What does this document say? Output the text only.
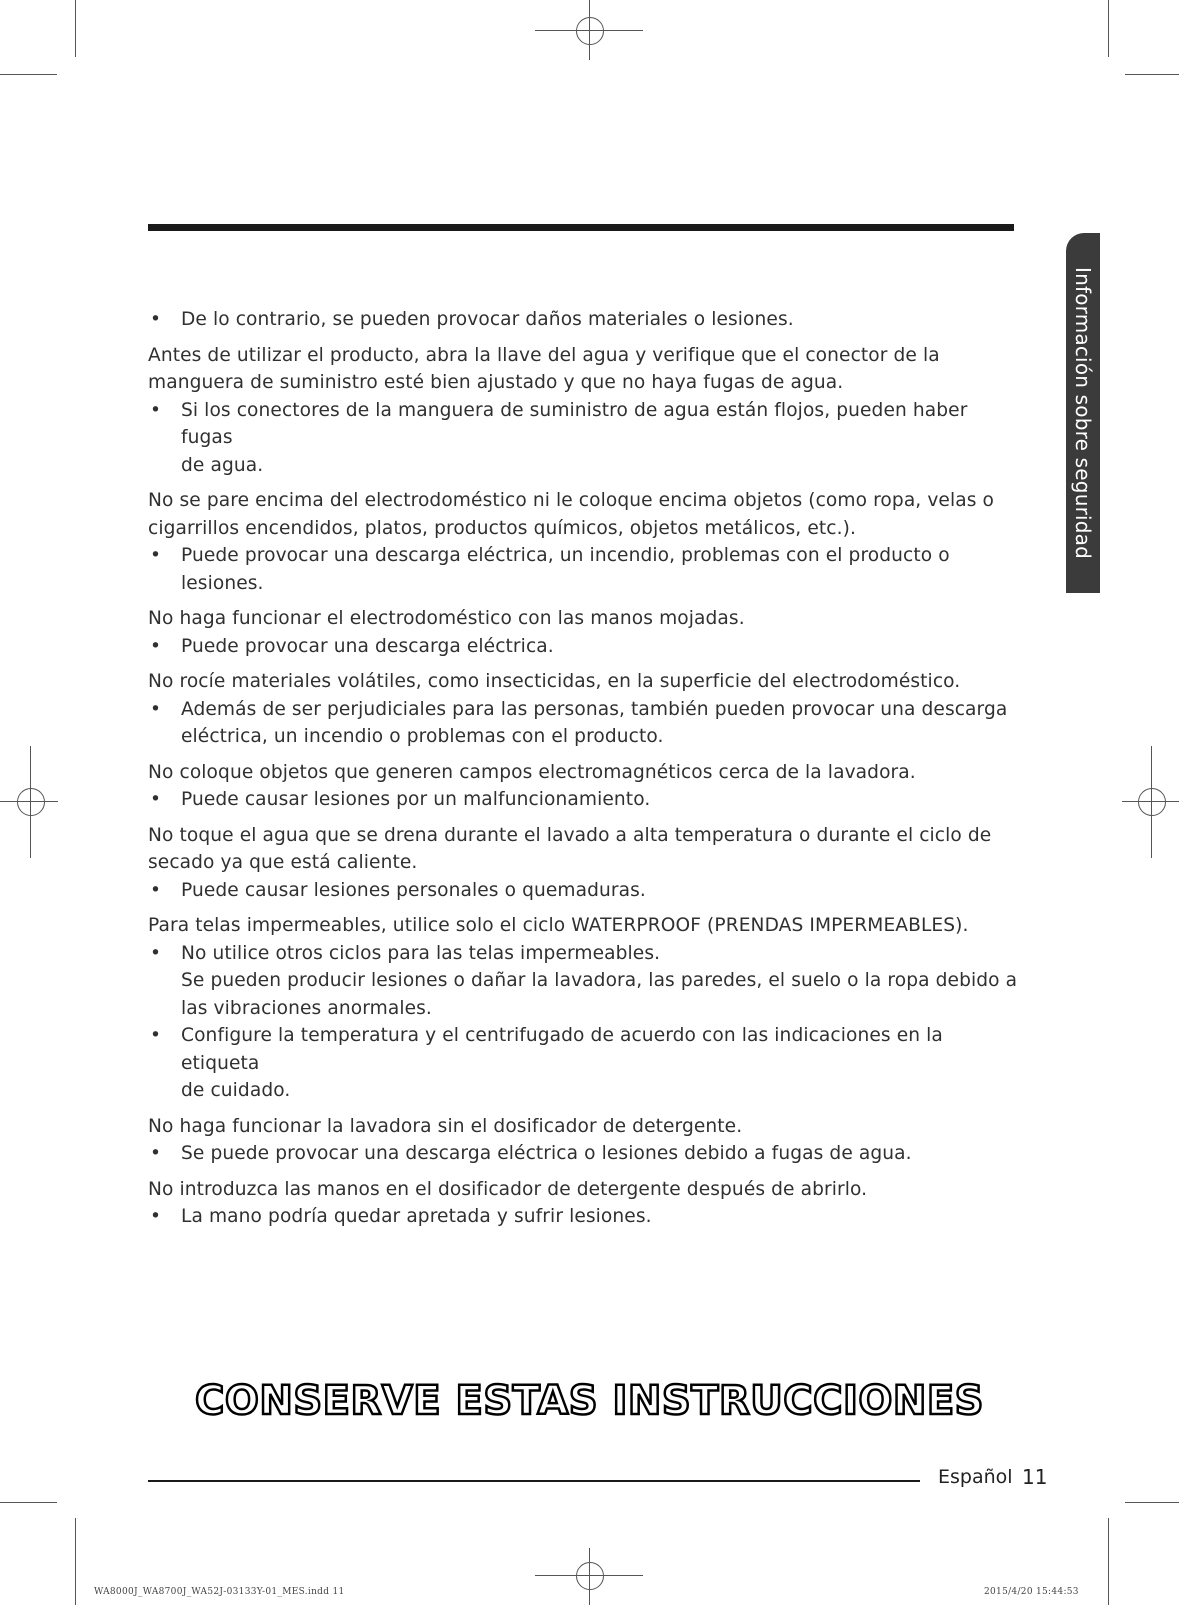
Información sobre seguridad

• De lo contrario, se pueden provocar daños materiales o lesiones.

Antes de utilizar el producto, abra la llave del agua y verifique que el conector de la

manguera de suministro esté bien ajustado y que no haya fugas de agua.

• Si los conectores de la manguera de suministro de agua están flojos, pueden haber fugas

de agua.

No se pare encima del electrodoméstico ni le coloque encima objetos (como ropa, velas o

cigarrillos encendidos, platos, productos químicos, objetos metálicos, etc.).

• Puede provocar una descarga eléctrica, un incendio, problemas con el producto o

lesiones.

No haga funcionar el electrodoméstico con las manos mojadas.

• Puede provocar una descarga eléctrica.

No rocíe materiales volátiles, como insecticidas, en la superficie del electrodoméstico.

• Además de ser perjudiciales para las personas, también pueden provocar una descarga

eléctrica, un incendio o problemas con el producto.

No coloque objetos que generen campos electromagnéticos cerca de la lavadora.

• Puede causar lesiones por un malfuncionamiento.

No toque el agua que se drena durante el lavado a alta temperatura o durante el ciclo de

secado ya que está caliente.

• Puede causar lesiones personales o quemaduras.

Para telas impermeables, utilice solo el ciclo WATERPROOF (PRENDAS IMPERMEABLES).

• No utilice otros ciclos para las telas impermeables.

Se pueden producir lesiones o dañar la lavadora, las paredes, el suelo o la ropa debido a

las vibraciones anormales.

• Configure la temperatura y el centrifugado de acuerdo con las indicaciones en la etiqueta

de cuidado.

No haga funcionar la lavadora sin el dosificador de detergente.

• Se puede provocar una descarga eléctrica o lesiones debido a fugas de agua.

No introduzca las manos en el dosificador de detergente después de abrirlo.

• La mano podría quedar apretada y sufrir lesiones.

CONSERVE ESTAS INSTRUCCIONES
Español 11
WA8000J_WA8700J_WA52J-03133Y-01_MES.indd 11	2015/4/20 15:44:53
